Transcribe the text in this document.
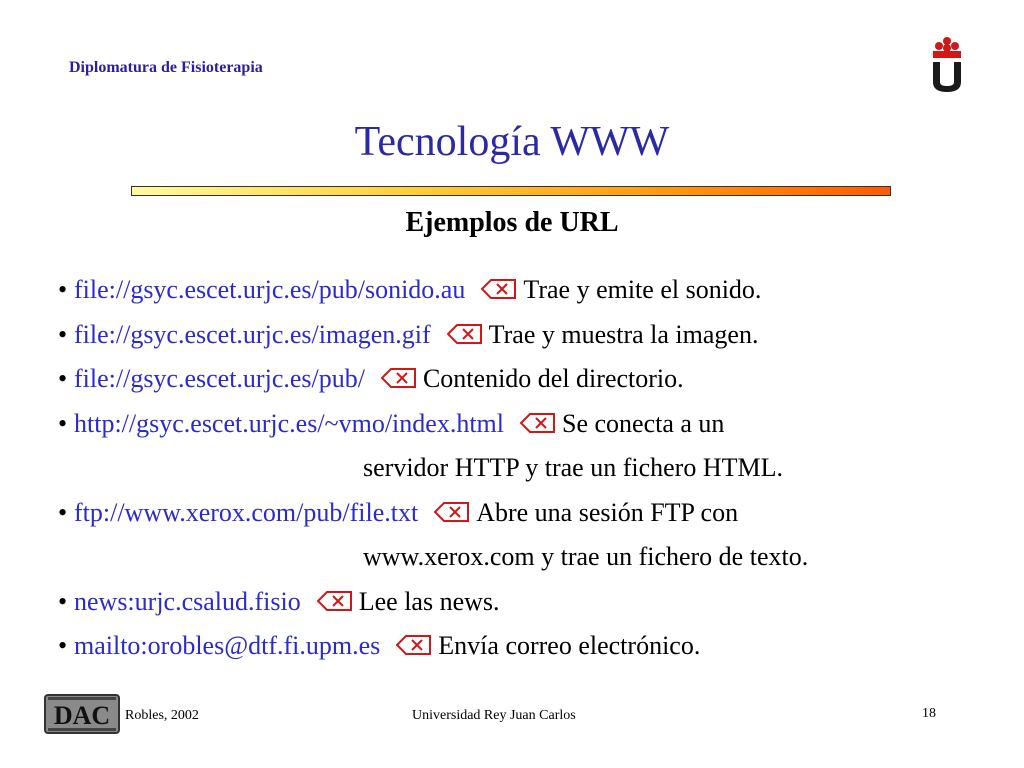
Diplomatura de Fisioterapia
Tecnología WWW
Ejemplos de URL
• file://gsyc.escet.urjc.es/pub/sonido.au Trae y emite el sonido.
• file://gsyc.escet.urjc.es/imagen.gif Trae y muestra la imagen.
• file://gsyc.escet.urjc.es/pub/ Contenido del directorio.
• http://gsyc.escet.urjc.es/~vmo/index.html Se conecta a un
servidor HTTP y trae un fichero HTML.
• ftp://www.xerox.com/pub/file.txt Abre una sesión FTP con
www.xerox.com y trae un fichero de texto.
• news:urjc.csalud.fisio Lee las news.
• mailto:orobles@dtf.fi.upm.es Envía correo electrónico.
DAC Robles, 2002	Universidad Rey Juan Carlos	18
